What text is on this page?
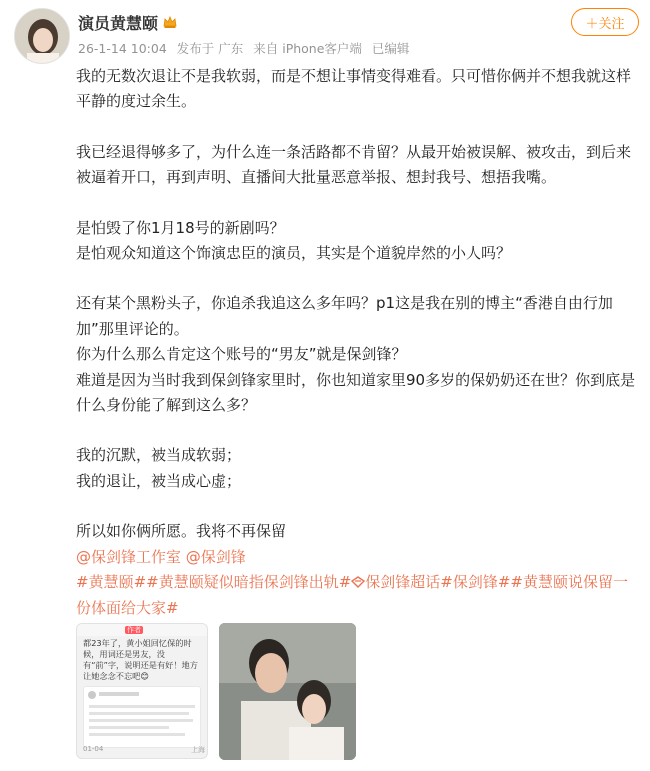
演员黄慧颐
26-1-14 10:04 发布于 广东 来自 iPhone客户端 已编辑
＋关注

我的无数次退让不是我软弱，而是不想让事情变得难看。只可惜你俩并不想我就这样平静的度过余生。

我已经退得够多了，为什么连一条活路都不肯留？从最开始被误解、被攻击，到后来被逼着开口，再到声明、直播间大批量恶意举报、想封我号、想捂我嘴。

是怕毁了你1月18号的新剧吗？

是怕观众知道这个饰演忠臣的演员，其实是个道貌岸然的小人吗？

还有某个黑粉头子，你追杀我追这么多年吗？p1这是我在别的博主“香港自由行加加”那里评论的。

你为什么那么肯定这个账号的“男友”就是保剑锋？

难道是因为当时我到保剑锋家里时，你也知道家里90多岁的保奶奶还在世？你到底是什么身份能了解到这么多？

我的沉默，被当成软弱；

我的退让，被当成心虚；

所以如你俩所愿。我将不再保留

@保剑锋工作室 @保剑锋

#黄慧颐##黄慧颐疑似暗指保剑锋出轨# 保剑锋超话#保剑锋##黄慧颐说保留一份体面给大家#

作者
都23年了，黄小姐回忆保的时候，用词还是男友，没有“前”字，说明还是有好！地方让她念念不忘吧😊
01-04	上海
